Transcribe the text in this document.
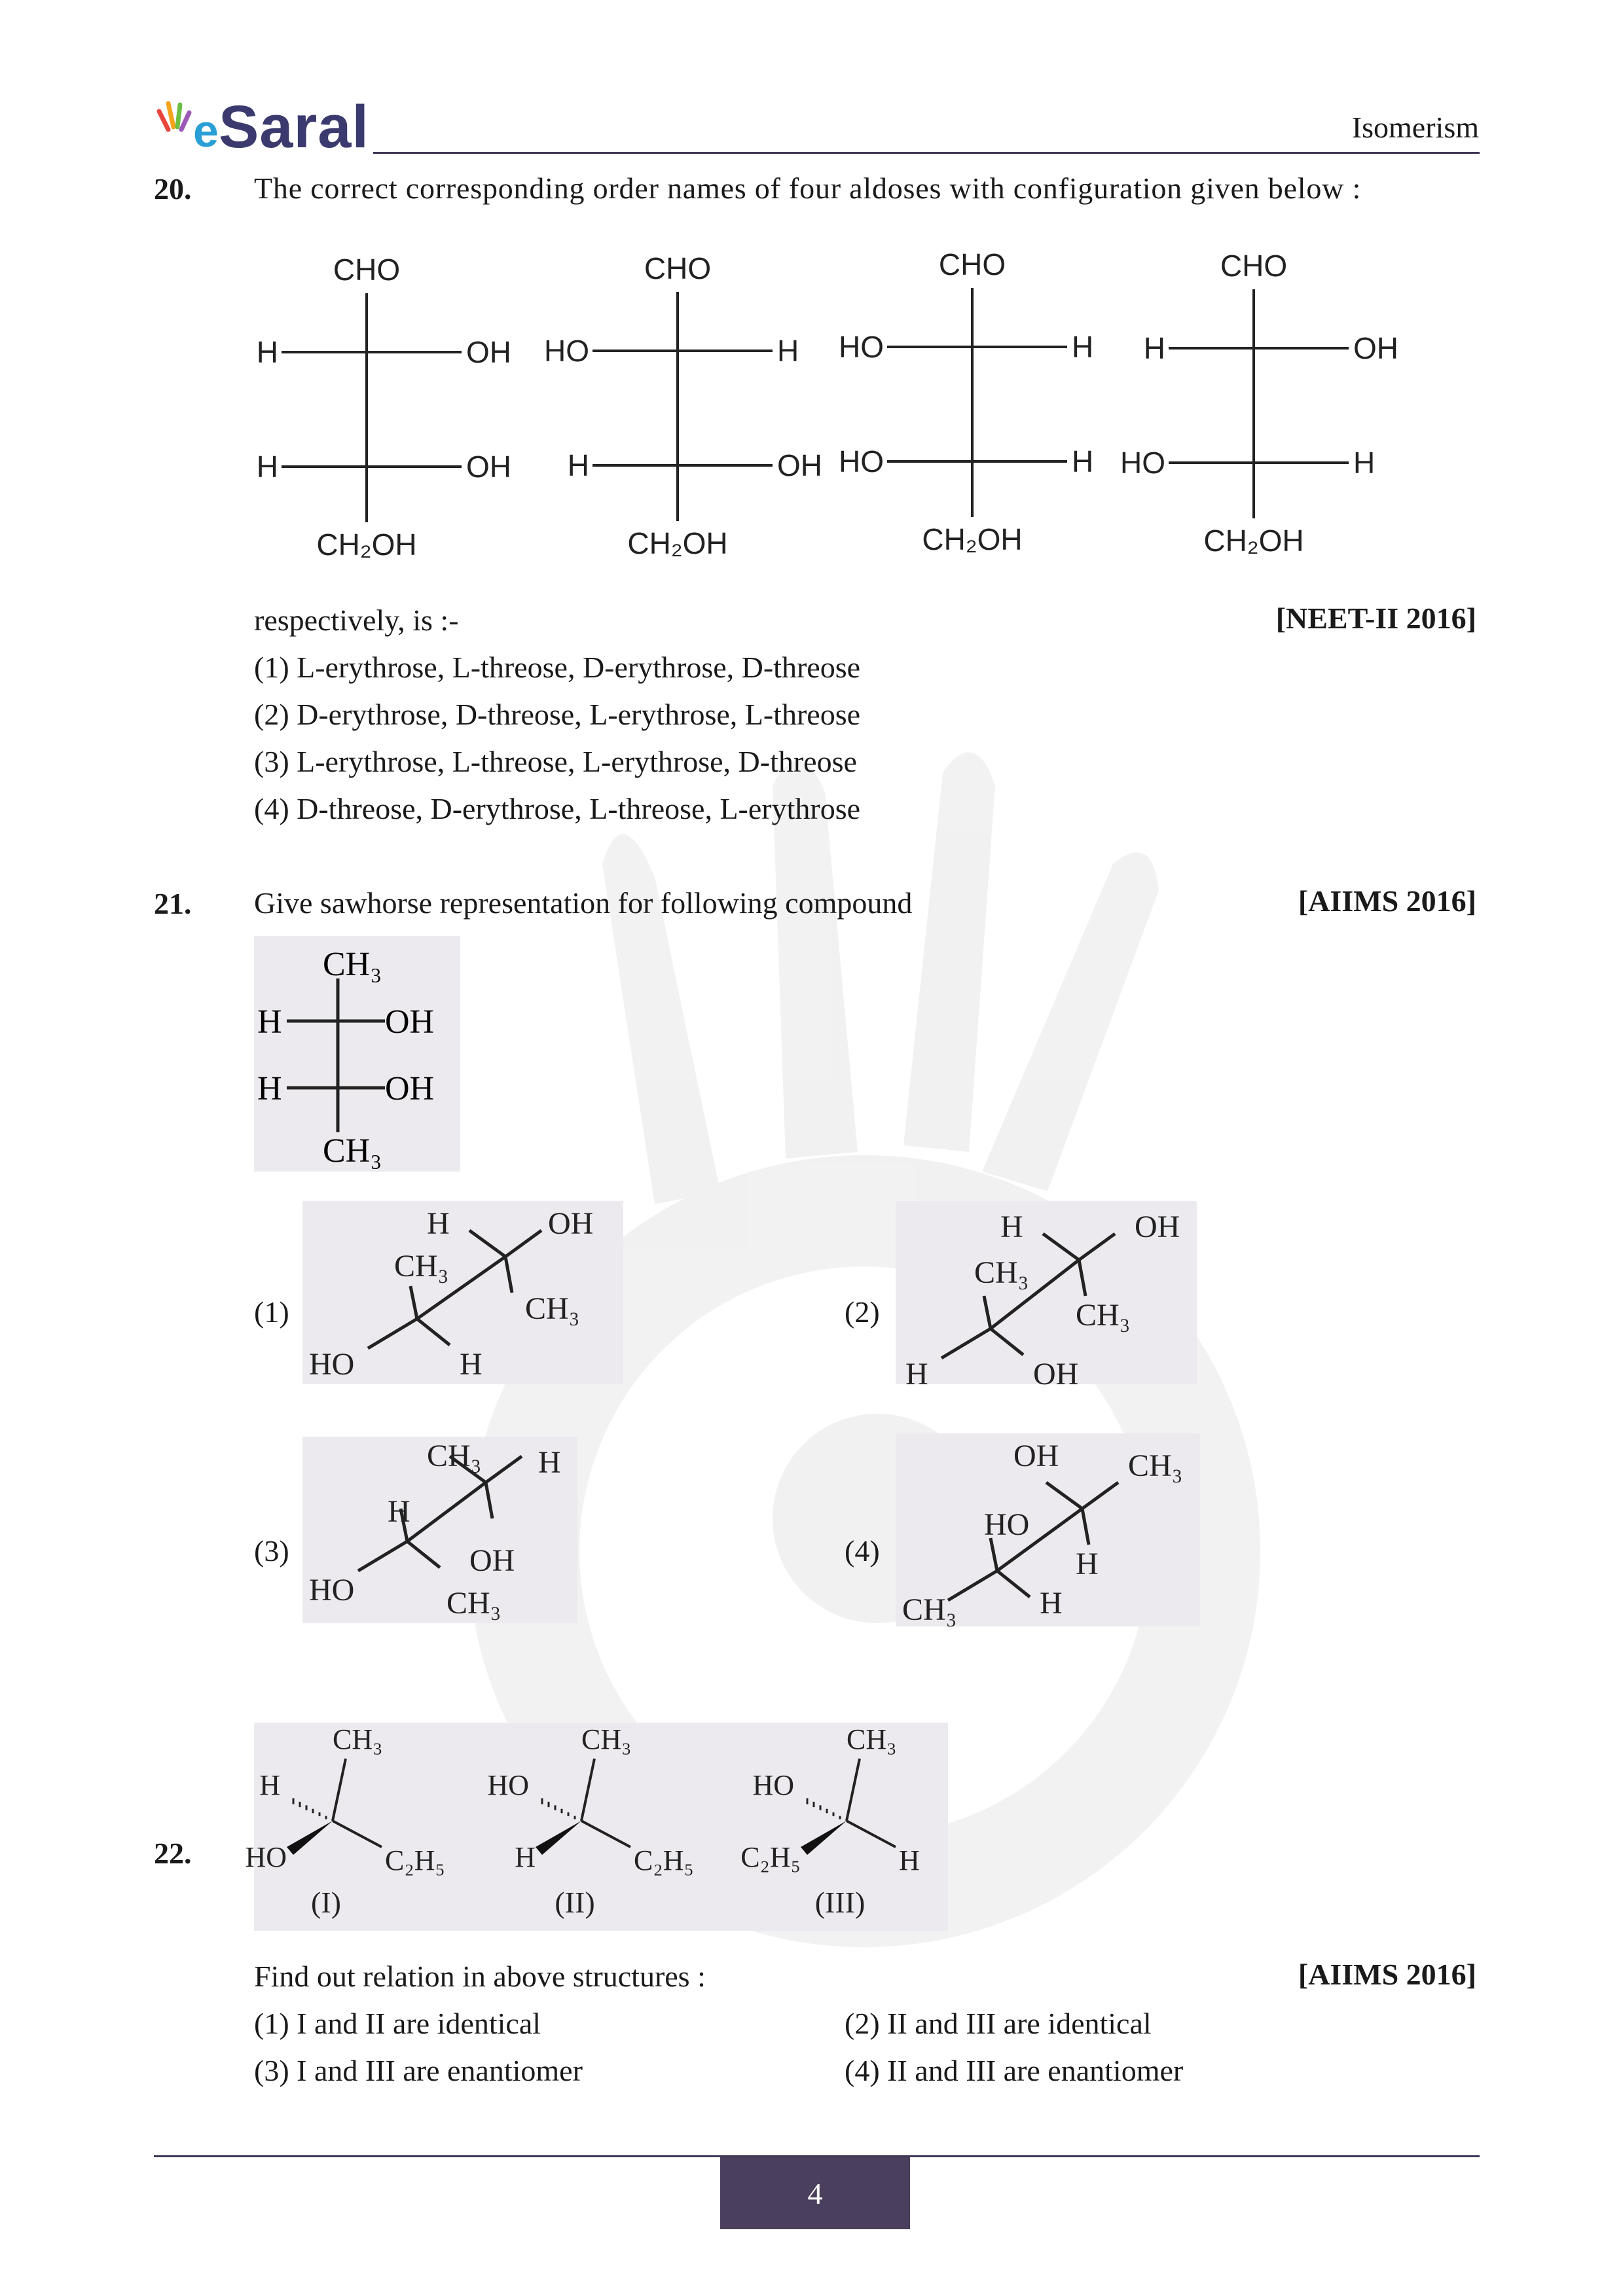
e Saral	Isomerism
20. The correct corresponding order names of four aldoses with configuration given below :
CHO
H	OH
H	OH
CH₂OH
CHO
HO	H
H	OH
CH₂OH
CHO
HO	H
HO	H
CH₂OH
CHO
H	OH
HO	H
CH₂OH
respectively, is :-	[NEET-II 2016]
(1) L-erythrose, L-threose, D-erythrose, D-threose
(2) D-erythrose, D-threose, L-erythrose, L-threose
(3) L-erythrose, L-threose, L-erythrose, D-threose
(4) D-threose, D-erythrose, L-threose, L-erythrose
21. Give sawhorse representation for following compound	[AIIMS 2016]
CH₃
H	OH
H	OH
CH₃
(1)	(2)
(3)	(4)
H	OH
CH₃
CH₃
HO	H
H	OH
CH₃
CH₃
H	OH
CH₃ H
OH
H
HO	CH₃
OH CH₃
H
HO
CH₃	H
22.
CH₃
H
HO	C₂H₅
(I)
CH₃
HO
H	C₂H₅
(II)
CH₃
HO
C₂H₅	H
(III)
Find out relation in above structures :	[AIIMS 2016]
(1) I and II are identical	(2) II and III are identical
(3) I and III are enantiomer	(4) II and III are enantiomer
4
